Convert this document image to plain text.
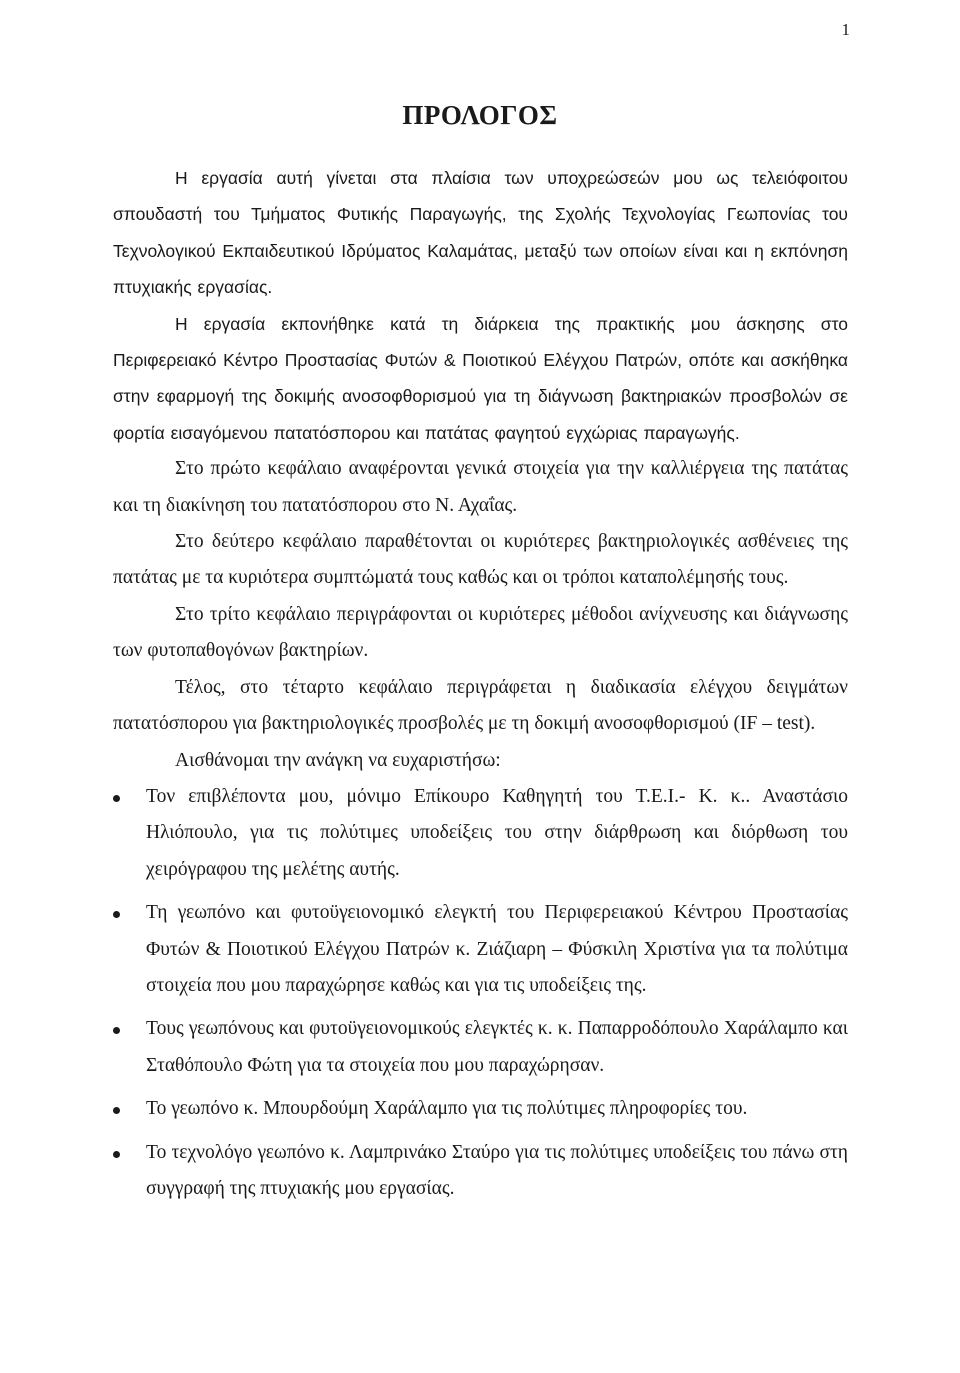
1
ΠΡΟΛΟΓΟΣ

Η εργασία αυτή γίνεται στα πλαίσια των υποχρεώσεών μου ως τελειόφοιτου σπουδαστή του Τμήματος Φυτικής Παραγωγής, της Σχολής Τεχνολογίας Γεωπονίας του Τεχνολογικού Εκπαιδευτικού Ιδρύματος Καλαμάτας, μεταξύ των οποίων είναι και η εκπόνηση πτυχιακής εργασίας.

Η εργασία εκπονήθηκε κατά τη διάρκεια της πρακτικής μου άσκησης στο Περιφερειακό Κέντρο Προστασίας Φυτών & Ποιοτικού Ελέγχου Πατρών, οπότε και ασκήθηκα στην εφαρμογή της δοκιμής ανοσοφθορισμού για τη διάγνωση βακτηριακών προσβολών σε φορτία εισαγόμενου πατατόσπορου και πατάτας φαγητού εγχώριας παραγωγής.

Στο πρώτο κεφάλαιο αναφέρονται γενικά στοιχεία για την καλλιέργεια της πατάτας και τη διακίνηση του πατατόσπορου στο Ν. Αχαΐας.

Στο δεύτερο κεφάλαιο παραθέτονται οι κυριότερες βακτηριολογικές ασθένειες της πατάτας με τα κυριότερα συμπτώματά τους καθώς και οι τρόποι καταπολέμησής τους.

Στο τρίτο κεφάλαιο περιγράφονται οι κυριότερες μέθοδοι ανίχνευσης και διάγνωσης των φυτοπαθογόνων βακτηρίων.

Τέλος, στο τέταρτο κεφάλαιο περιγράφεται η διαδικασία ελέγχου δειγμάτων πατατόσπορου για βακτηριολογικές προσβολές με τη δοκιμή ανοσοφθορισμού (IF – test).

Αισθάνομαι την ανάγκη να ευχαριστήσω:

Τον επιβλέποντα μου, μόνιμο Επίκουρο Καθηγητή του Τ.Ε.Ι.- Κ. κ.. Αναστάσιο Ηλιόπουλο, για τις πολύτιμες υποδείξεις του στην διάρθρωση και διόρθωση του χειρόγραφου της μελέτης αυτής.
Τη γεωπόνο και φυτοϋγειονομικό ελεγκτή του Περιφερειακού Κέντρου Προστασίας Φυτών & Ποιοτικού Ελέγχου Πατρών κ. Ζιάζιαρη – Φύσκιλη Χριστίνα για τα πολύτιμα στοιχεία που μου παραχώρησε καθώς και για τις υποδείξεις της.
Τους γεωπόνους και φυτοϋγειονομικούς ελεγκτές κ. κ. Παπαρροδόπουλο Χαράλαμπο και Σταθόπουλο Φώτη για τα στοιχεία που μου παραχώρησαν.
Το γεωπόνο κ. Μπουρδούμη Χαράλαμπο για τις πολύτιμες πληροφορίες του.
Το τεχνολόγο γεωπόνο κ. Λαμπρινάκο Σταύρο για τις πολύτιμες υποδείξεις του πάνω στη συγγραφή της πτυχιακής μου εργασίας.
